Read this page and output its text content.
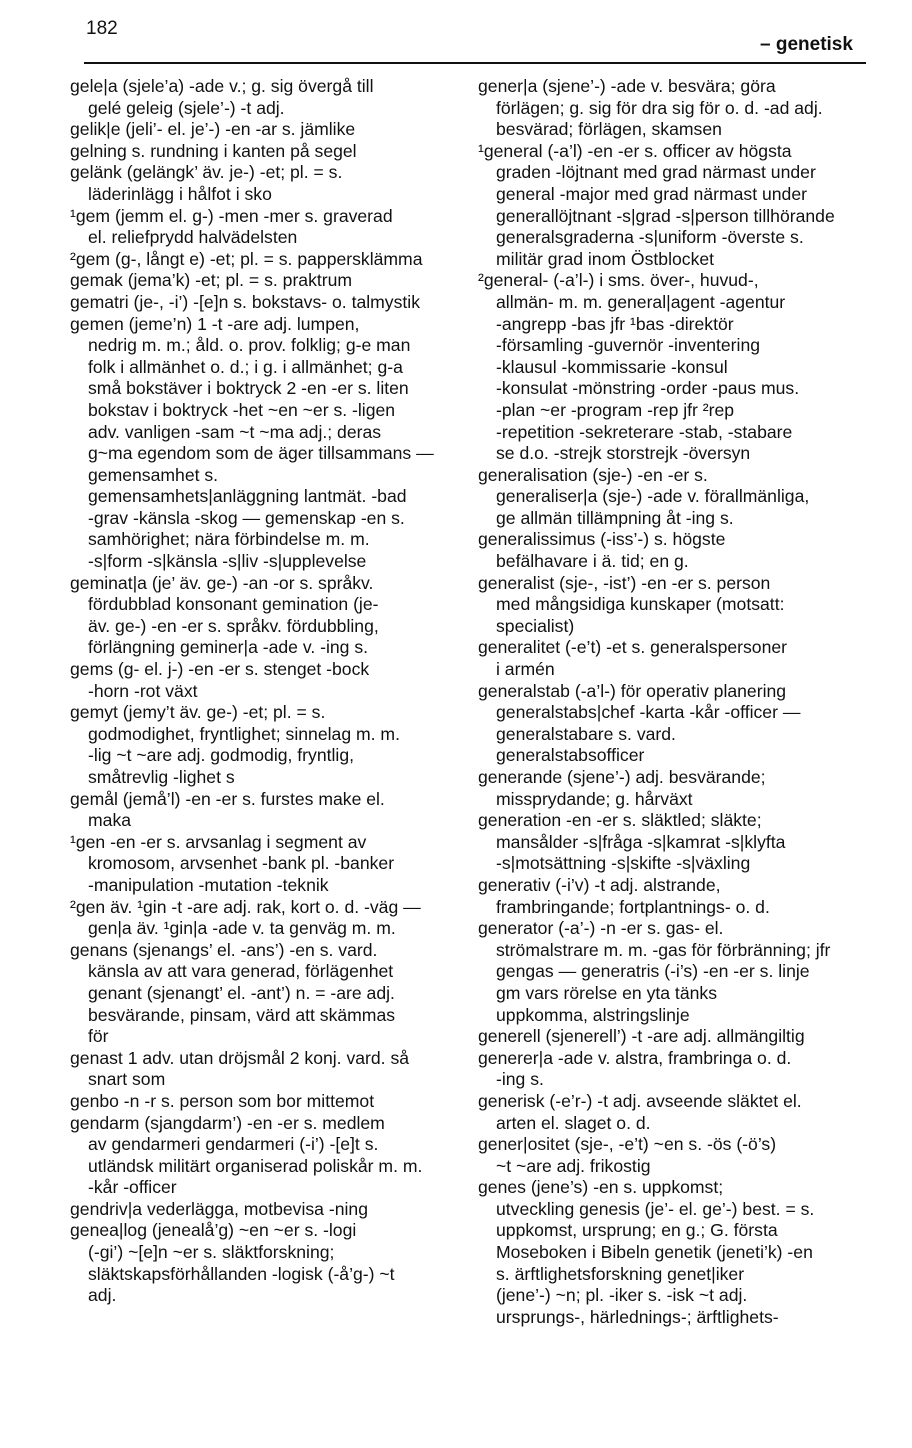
182
– genetisk
gele|a (sjele’a) -ade v.; g. sig övergå till
gelé geleig (sjele’-) -t adj.
gelik|e (jeli’- el. je’-) -en -ar s. jämlike
gelning s. rundning i kanten på segel
gelänk (gelängk’ äv. je-) -et; pl. = s.
läderinlägg i hålfot i sko
¹gem (jemm el. g-) -men -mer s. graverad
el. reliefprydd halvädelsten
²gem (g-, långt e) -et; pl. = s. pappersklämma
gemak (jema’k) -et; pl. = s. praktrum
gematri (je-, -i’) -[e]n s. bokstavs- o. talmystik
gemen (jeme’n) 1 -t -are adj. lumpen,
nedrig m. m.; åld. o. prov. folklig; g-e man
folk i allmänhet o. d.; i g. i allmänhet; g-a
små bokstäver i boktryck 2 -en -er s. liten
bokstav i boktryck -het ~en ~er s. -ligen
adv. vanligen -sam ~t ~ma adj.; deras
g~ma egendom som de äger tillsammans —
gemensamhet s.
gemensamhets|anläggning lantmät. -bad
-grav -känsla -skog — gemenskap -en s.
samhörighet; nära förbindelse m. m.
-s|form -s|känsla -s|liv -s|upplevelse
geminat|a (je’ äv. ge-) -an -or s. språkv.
fördubblad konsonant gemination (je-
äv. ge-) -en -er s. språkv. fördubbling,
förlängning geminer|a -ade v. -ing s.
gems (g- el. j-) -en -er s. stenget -bock
-horn -rot växt
gemyt (jemy’t äv. ge-) -et; pl. = s.
godmodighet, fryntlighet; sinnelag m. m.
-lig ~t ~are adj. godmodig, fryntlig,
småtrevlig -lighet s
gemål (jemå’l) -en -er s. furstes make el.
maka
¹gen -en -er s. arvsanlag i segment av
kromosom, arvsenhet -bank pl. -banker
-manipulation -mutation -teknik
²gen äv. ¹gin -t -are adj. rak, kort o. d. -väg —
gen|a äv. ¹gin|a -ade v. ta genväg m. m.
genans (sjenangs’ el. -ans’) -en s. vard.
känsla av att vara generad, förlägenhet
genant (sjenangt’ el. -ant’) n. = -are adj.
besvärande, pinsam, värd att skämmas
för
genast 1 adv. utan dröjsmål 2 konj. vard. så
snart som
genbo -n -r s. person som bor mittemot
gendarm (sjangdarm’) -en -er s. medlem
av gendarmeri gendarmeri (-i’) -[e]t s.
utländsk militärt organiserad poliskår m. m.
-kår -officer
gendriv|a vederlägga, motbevisa -ning
genea|log (jenealå’g) ~en ~er s. -logi
(-gi’) ~[e]n ~er s. släktforskning;
släktskapsförhållanden -logisk (-å’g-) ~t
adj.
gener|a (sjene’-) -ade v. besvära; göra
förlägen; g. sig för dra sig för o. d. -ad adj.
besvärad; förlägen, skamsen
¹general (-a’l) -en -er s. officer av högsta
graden -löjtnant med grad närmast under
general -major med grad närmast under
generallöjtnant -s|grad -s|person tillhörande
generalsgraderna -s|uniform -överste s.
militär grad inom Östblocket
²general- (-a’l-) i sms. över-, huvud-,
allmän- m. m. general|agent -agentur
-angrepp -bas jfr ¹bas -direktör
-församling -guvernör -inventering
-klausul -kommissarie -konsul
-konsulat -mönstring -order -paus mus.
-plan ~er -program -rep jfr ²rep
-repetition -sekreterare -stab, -stabare
se d.o. -strejk storstrejk -översyn
generalisation (sje-) -en -er s.
generaliser|a (sje-) -ade v. förallmänliga,
ge allmän tillämpning åt -ing s.
generalissimus (-iss’-) s. högste
befälhavare i ä. tid; en g.
generalist (sje-, -ist’) -en -er s. person
med mångsidiga kunskaper (motsatt:
specialist)
generalitet (-e’t) -et s. generalspersoner
i armén
generalstab (-a’l-) för operativ planering
generalstabs|chef -karta -kår -officer —
generalstabare s. vard.
generalstabsofficer
generande (sjene’-) adj. besvärande;
missprydande; g. hårväxt
generation -en -er s. släktled; släkte;
mansålder -s|fråga -s|kamrat -s|klyfta
-s|motsättning -s|skifte -s|växling
generativ (-i’v) -t adj. alstrande,
frambringande; fortplantnings- o. d.
generator (-a’-) -n -er s. gas- el.
strömalstrare m. m. -gas för förbränning; jfr
gengas — generatris (-i’s) -en -er s. linje
gm vars rörelse en yta tänks
uppkomma, alstringslinje
generell (sjenerell’) -t -are adj. allmängiltig
generer|a -ade v. alstra, frambringa o. d.
-ing s.
generisk (-e’r-) -t adj. avseende släktet el.
arten el. slaget o. d.
gener|ositet (sje-, -e’t) ~en s. -ös (-ö’s)
~t ~are adj. frikostig
genes (jene’s) -en s. uppkomst;
utveckling genesis (je’- el. ge’-) best. = s.
uppkomst, ursprung; en g.; G. första
Moseboken i Bibeln genetik (jeneti’k) -en
s. ärftlighetsforskning genet|iker
(jene’-) ~n; pl. -iker s. -isk ~t adj.
ursprungs-, härlednings-; ärftlighets-
